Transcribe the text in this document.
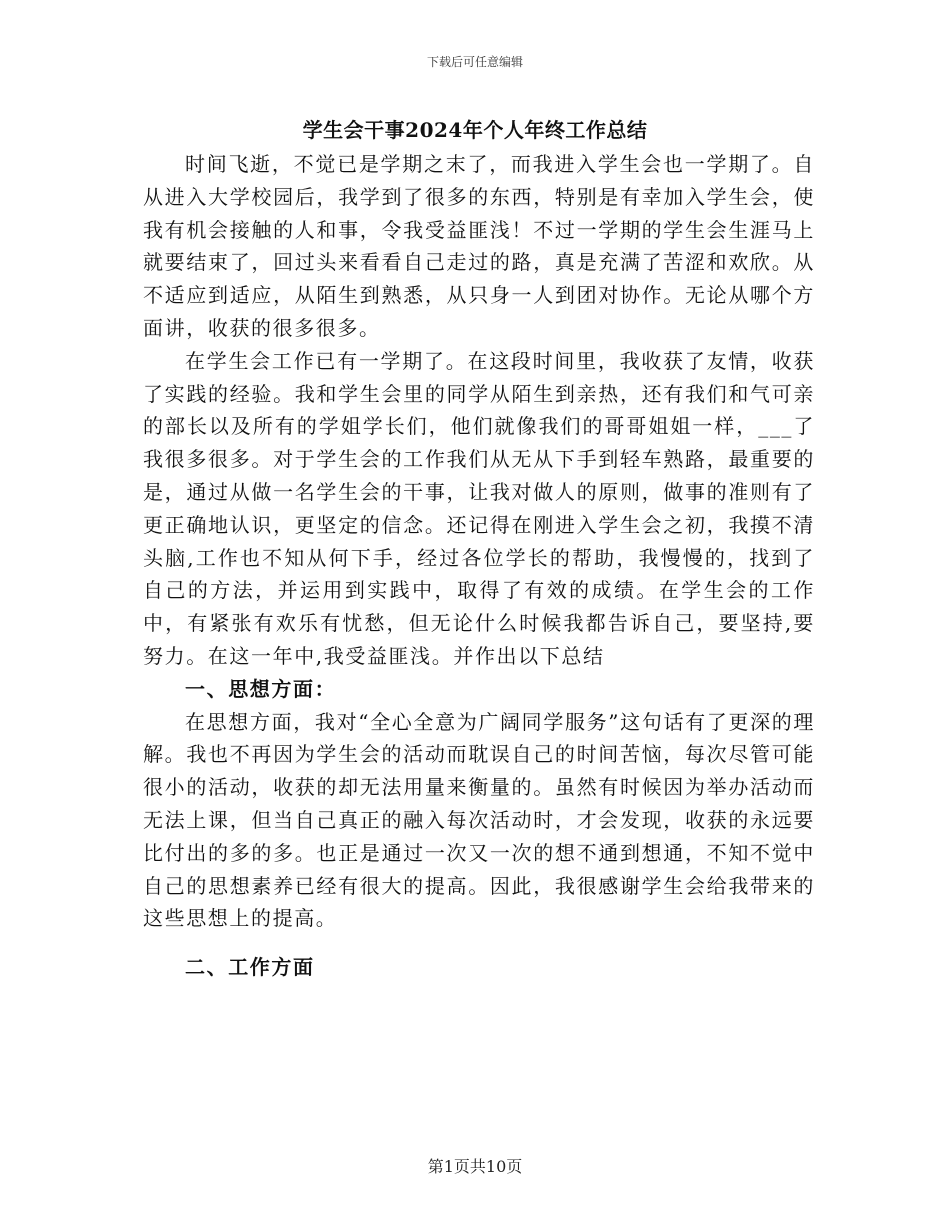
下载后可任意编辑
学生会干事2024年个人年终工作总结

时间飞逝，不觉已是学期之末了，而我进入学生会也一学期了。自从进入大学校园后，我学到了很多的东西，特别是有幸加入学生会，使我有机会接触的人和事，令我受益匪浅！不过一学期的学生会生涯马上就要结束了，回过头来看看自己走过的路，真是充满了苦涩和欢欣。从不适应到适应，从陌生到熟悉，从只身一人到团对协作。无论从哪个方面讲，收获的很多很多。

在学生会工作已有一学期了。在这段时间里，我收获了友情，收获了实践的经验。我和学生会里的同学从陌生到亲热，还有我们和气可亲的部长以及所有的学姐学长们，他们就像我们的哥哥姐姐一样，___了我很多很多。对于学生会的工作我们从无从下手到轻车熟路，最重要的是，通过从做一名学生会的干事，让我对做人的原则，做事的准则有了更正确地认识，更坚定的信念。还记得在刚进入学生会之初，我摸不清头脑,工作也不知从何下手，经过各位学长的帮助，我慢慢的，找到了自己的方法，并运用到实践中，取得了有效的成绩。在学生会的工作中，有紧张有欢乐有忧愁，但无论什么时候我都告诉自己，要坚持,要努力。在这一年中,我受益匪浅。并作出以下总结

一、思想方面：

在思想方面，我对“全心全意为广阔同学服务”这句话有了更深的理解。我也不再因为学生会的活动而耽误自己的时间苦恼，每次尽管可能很小的活动，收获的却无法用量来衡量的。虽然有时候因为举办活动而无法上课，但当自己真正的融入每次活动时，才会发现，收获的永远要比付出的多的多。也正是通过一次又一次的想不通到想通，不知不觉中自己的思想素养已经有很大的提高。因此，我很感谢学生会给我带来的这些思想上的提高。

二、工作方面
第1页共10页
